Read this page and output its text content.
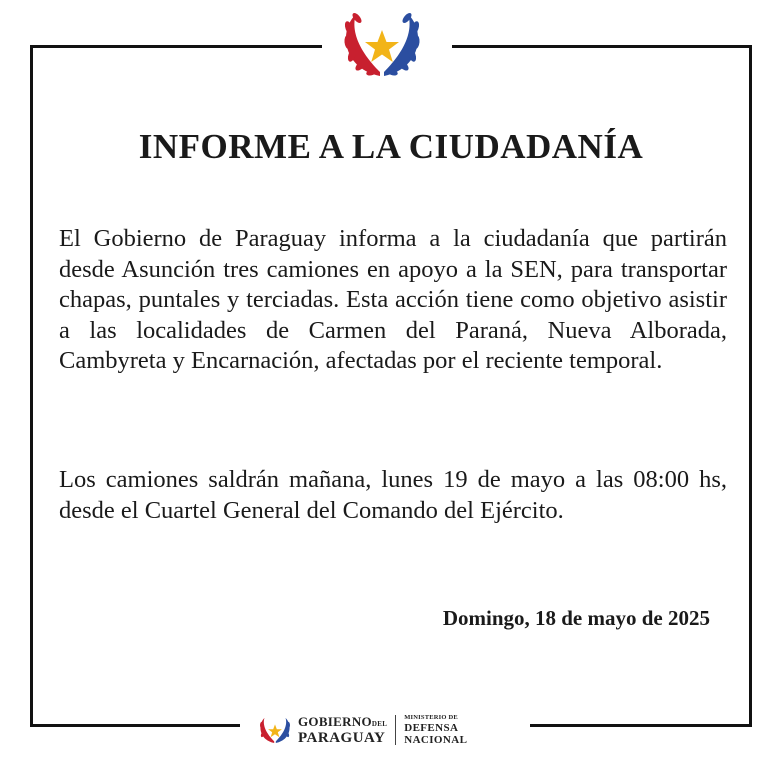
INFORME A LA CIUDADANÍA

El Gobierno de Paraguay informa a la ciudadanía que partirán desde Asunción tres camiones en apoyo a la SEN, para transportar chapas, puntales y terciadas. Esta acción tiene como objetivo asistir a las localidades de Carmen del Paraná, Nueva Alborada, Cambyreta y Encarnación, afectadas por el reciente temporal.

Los camiones saldrán mañana, lunes 19 de mayo a las 08:00 hs, desde el Cuartel General del Comando del Ejército.

Domingo, 18 de mayo de 2025

GOBIERNODEL
PARAGUAY
MINISTERIO DE
DEFENSA
NACIONAL
